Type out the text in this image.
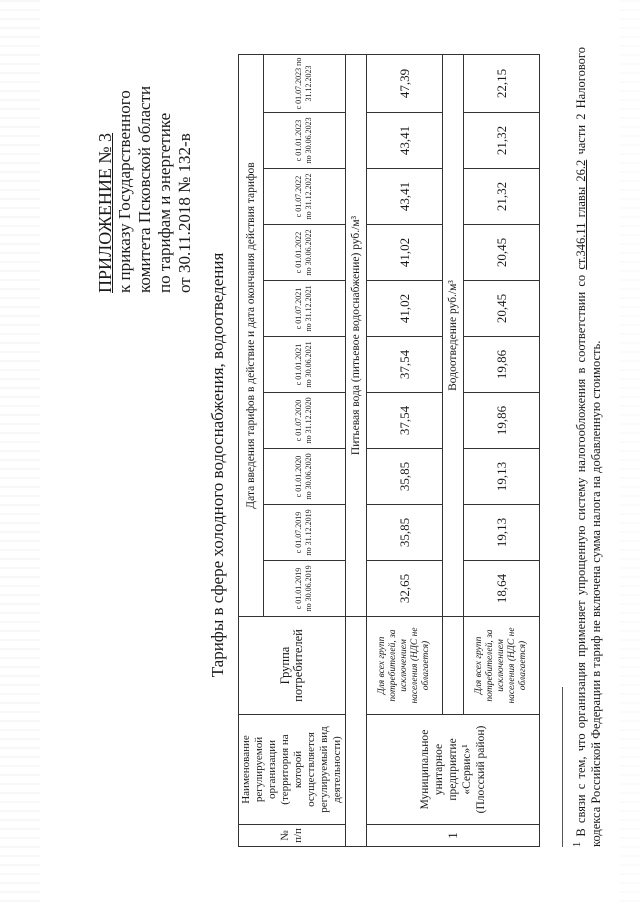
ПРИЛОЖЕНИЕ № 3 к приказу Государственного комитета Псковской области по тарифам и энергетике от 30.11.2018 № 132-в
Тарифы в сфере холодного водоснабжения, водоотведения
№ п/п	Наименование регулируемой организации (территория на которой осуществляется регулируемый вид деятельности)	Группа потребителей	Дата введения тарифов в действие и дата окончания действия тарифов									
			с 01.01.2019 по 30.06.2019	с 01.07.2019 по 31.12.2019	с 01.01.2020 по 30.06.2020	с 01.07.2020 по 31.12.2020	с 01.01.2021 по 30.06.2021	с 01.07.2021 по 31.12.2021	с 01.01.2022 по 30.06.2022	с 01.07.2022 по 31.12.2022	с 01.01.2023 по 30.06.2023	с 01.07.2023 по 31.12.2023
			Питьевая вода (питьевое водоснабжение) руб./м³									
1	Муниципальное унитарное предприятие «Сервис»¹ (Плосский район)	Для всех групп потребителей, за исключением населения (НДС не облагается)	32,65	35,85	35,85	37,54	37,54	41,02	41,02	43,41	43,41	47,39
			Водоотведение руб./м³									
		Для всех групп потребителей, за исключением населения (НДС не облагается)	18,64	19,13	19,13	19,86	19,86	20,45	20,45	21,32	21,32	22,15
$^1$ В связи с тем, что организация применяет упрощенную систему налогообложения в соответствии со ст.346.11 главы 26.2 части 2 Налогового кодекса Российской Федерации в тариф не включена сумма налога на добавленную стоимость.
